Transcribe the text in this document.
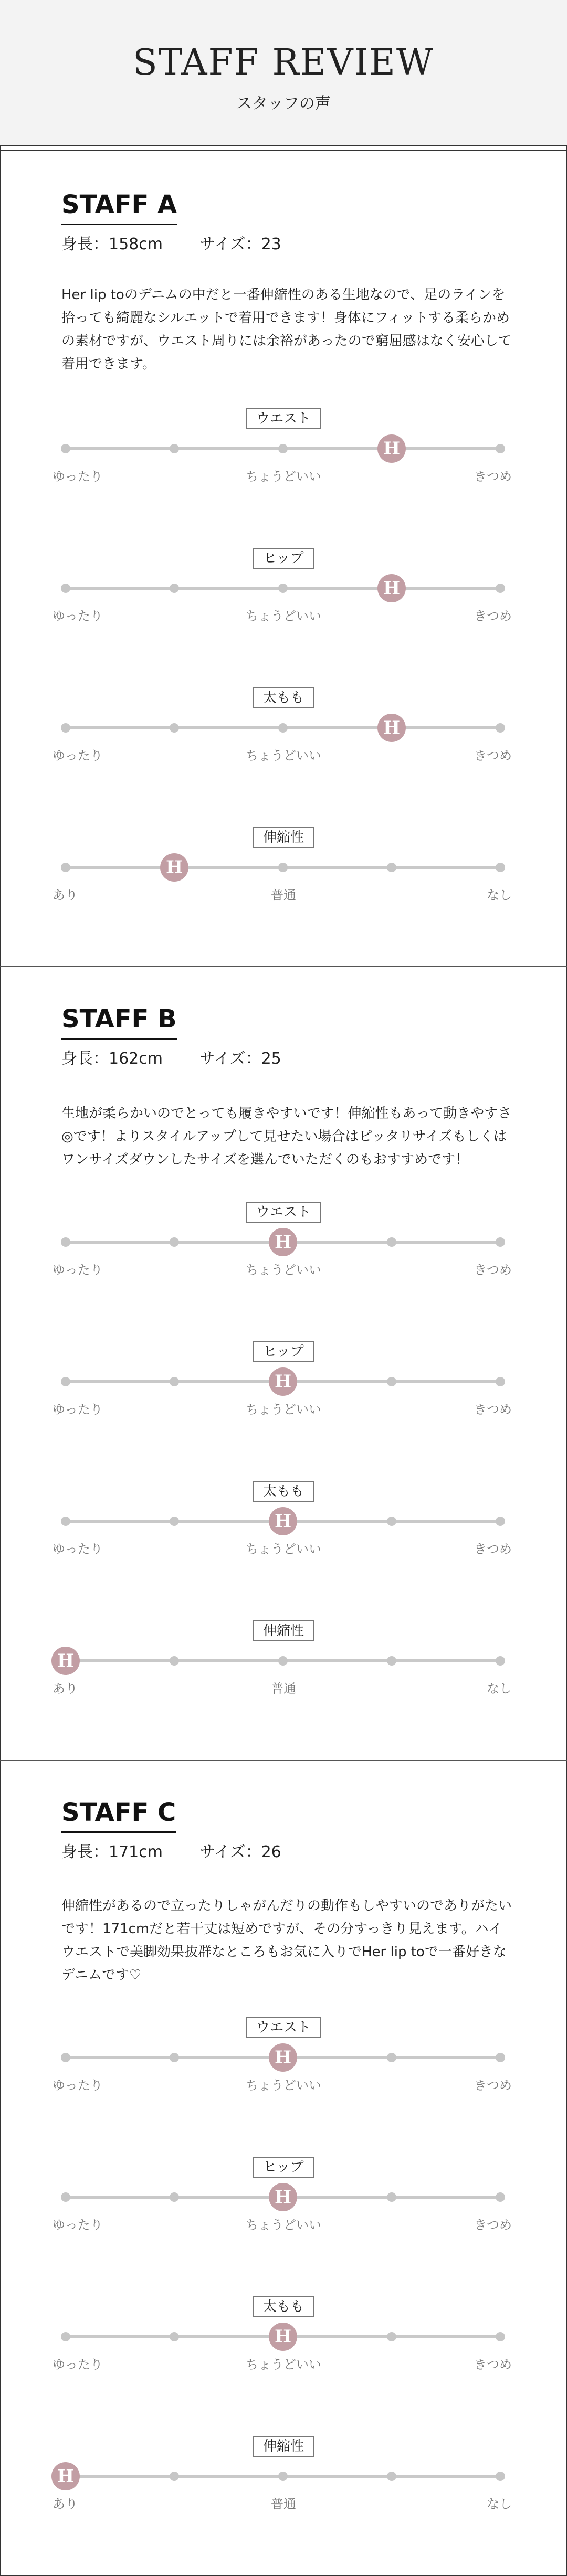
STAFF REVIEW
スタッフの声
STAFF A
身長：158cm サイズ：23
Her lip toのデニムの中だと一番伸縮性のある生地なので、足のラインを拾っても綺麗なシルエットで着用できます！身体にフィットする柔らかめの素材ですが、ウエスト周りには余裕があったので窮屈感はなく安心して着用できます。
ウエスト
H
ゆったり	ちょうどいい	きつめ
ヒップ
H
ゆったり	ちょうどいい	きつめ
太もも
H
ゆったり	ちょうどいい	きつめ
伸縮性
H
あり	普通	なし
STAFF B
身長：162cm サイズ：25
生地が柔らかいのでとっても履きやすいです！伸縮性もあって動きやすさ◎です！よりスタイルアップして見せたい場合はピッタリサイズもしくはワンサイズダウンしたサイズを選んでいただくのもおすすめです！
ウエスト
H
ゆったり	ちょうどいい	きつめ
ヒップ
H
ゆったり	ちょうどいい	きつめ
太もも
H
ゆったり	ちょうどいい	きつめ
伸縮性
H
あり	普通	なし
STAFF C
身長：171cm サイズ：26
伸縮性があるので立ったりしゃがんだりの動作もしやすいのでありがたいです！171cmだと若干丈は短めですが、その分すっきり見えます。ハイウエストで美脚効果抜群なところもお気に入りでHer lip toで一番好きなデニムです♡
ウエスト
H
ゆったり	ちょうどいい	きつめ
ヒップ
H
ゆったり	ちょうどいい	きつめ
太もも
H
ゆったり	ちょうどいい	きつめ
伸縮性
H
あり	普通	なし
